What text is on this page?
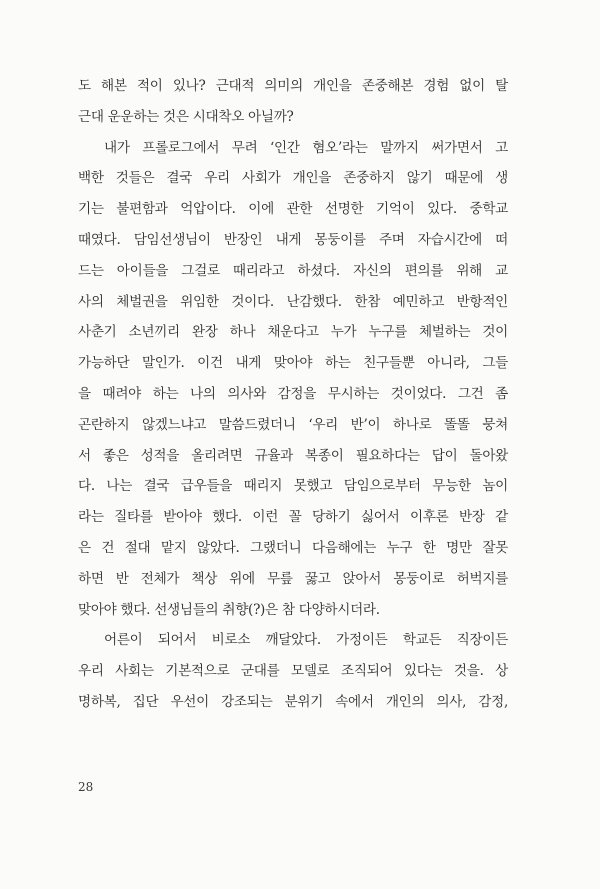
도 해본 적이 있나? 근대적 의미의 개인을 존중해본 경험 없이 탈
근대 운운하는 것은 시대착오 아닐까?
내가 프롤로그에서 무려 ‘인간 혐오’라는 말까지 써가면서 고
백한 것들은 결국 우리 사회가 개인을 존중하지 않기 때문에 생
기는 불편함과 억압이다. 이에 관한 선명한 기억이 있다. 중학교
때였다. 담임선생님이 반장인 내게 몽둥이를 주며 자습시간에 떠
드는 아이들을 그걸로 때리라고 하셨다. 자신의 편의를 위해 교
사의 체벌권을 위임한 것이다. 난감했다. 한참 예민하고 반항적인
사춘기 소년끼리 완장 하나 채운다고 누가 누구를 체벌하는 것이
가능하단 말인가. 이건 내게 맞아야 하는 친구들뿐 아니라, 그들
을 때려야 하는 나의 의사와 감정을 무시하는 것이었다. 그건 좀
곤란하지 않겠느냐고 말씀드렸더니 ‘우리 반’이 하나로 똘똘 뭉쳐
서 좋은 성적을 올리려면 규율과 복종이 필요하다는 답이 돌아왔
다. 나는 결국 급우들을 때리지 못했고 담임으로부터 무능한 놈이
라는 질타를 받아야 했다. 이런 꼴 당하기 싫어서 이후론 반장 같
은 건 절대 맡지 않았다. 그랬더니 다음해에는 누구 한 명만 잘못
하면 반 전체가 책상 위에 무릎 꿇고 앉아서 몽둥이로 허벅지를
맞아야 했다. 선생님들의 취향(?)은 참 다양하시더라.
어른이 되어서 비로소 깨달았다. 가정이든 학교든 직장이든
우리 사회는 기본적으로 군대를 모델로 조직되어 있다는 것을. 상
명하복, 집단 우선이 강조되는 분위기 속에서 개인의 의사, 감정,
28
